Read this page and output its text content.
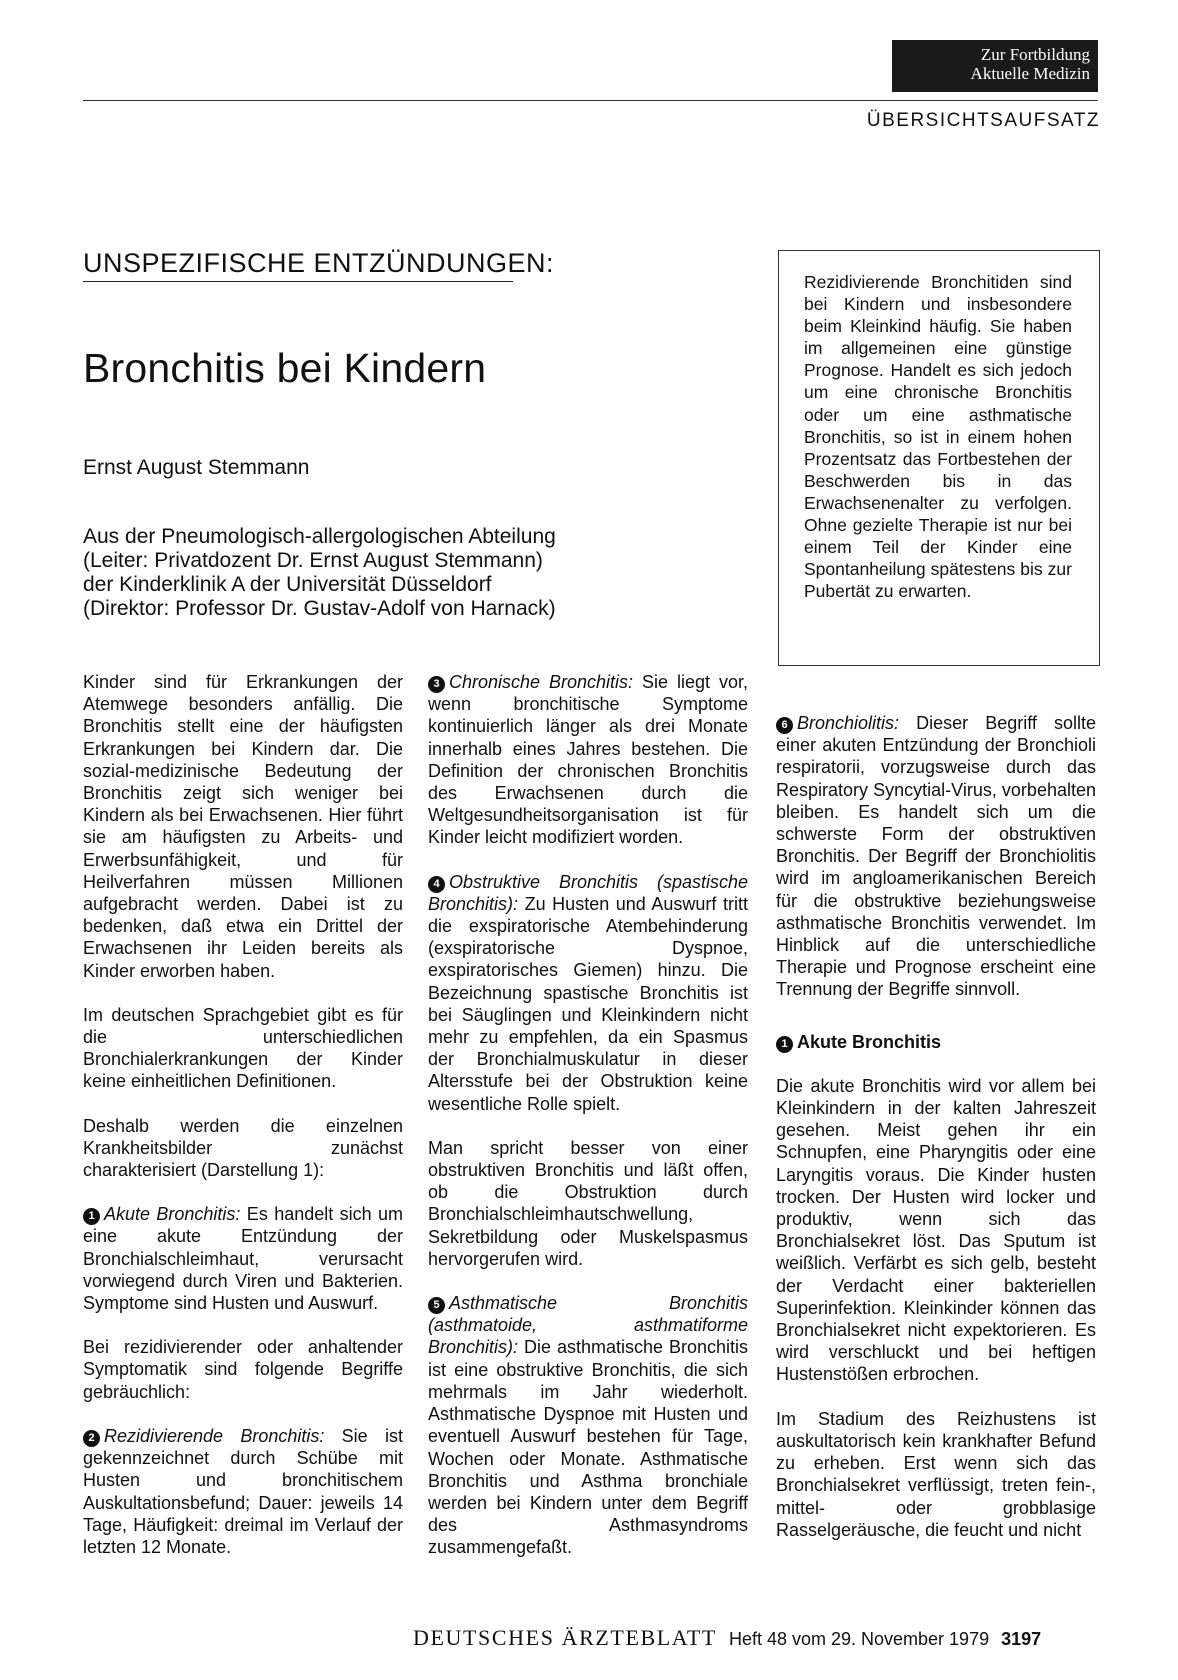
Zur Fortbildung
Aktuelle Medizin
ÜBERSICHTSAUFSATZ
UNSPEZIFISCHE ENTZÜNDUNGEN:
Bronchitis bei Kindern
Ernst August Stemmann
Aus der Pneumologisch-allergologischen Abteilung
(Leiter: Privatdozent Dr. Ernst August Stemmann)
der Kinderklinik A der Universität Düsseldorf
(Direktor: Professor Dr. Gustav-Adolf von Harnack)

Rezidivierende Bronchitiden sind bei Kindern und insbesondere beim Kleinkind häufig. Sie haben im allgemeinen eine günstige Prognose. Handelt es sich jedoch um eine chronische Bronchitis oder um eine asthmatische Bronchitis, so ist in einem hohen Prozentsatz das Fortbestehen der Beschwerden bis in das Erwachsenenalter zu verfolgen. Ohne gezielte Therapie ist nur bei einem Teil der Kinder eine Spontanheilung spätestens bis zur Pubertät zu erwarten.

Kinder sind für Erkrankungen der Atemwege besonders anfällig. Die Bronchitis stellt eine der häufigsten Erkrankungen bei Kindern dar. Die sozial-medizinische Bedeutung der Bronchitis zeigt sich weniger bei Kindern als bei Erwachsenen. Hier führt sie am häufigsten zu Arbeits- und Erwerbsunfähigkeit, und für Heilverfahren müssen Millionen aufgebracht werden. Dabei ist zu bedenken, daß etwa ein Drittel der Erwachsenen ihr Leiden bereits als Kinder erworben haben.

Im deutschen Sprachgebiet gibt es für die unterschiedlichen Bronchialerkrankungen der Kinder keine einheitlichen Definitionen.

Deshalb werden die einzelnen Krankheitsbilder zunächst charakterisiert (Darstellung 1):

1 Akute Bronchitis: Es handelt sich um eine akute Entzündung der Bronchialschleimhaut, verursacht vorwiegend durch Viren und Bakterien. Symptome sind Husten und Auswurf.

Bei rezidivierender oder anhaltender Symptomatik sind folgende Begriffe gebräuchlich:

2 Rezidivierende Bronchitis: Sie ist gekennzeichnet durch Schübe mit Husten und bronchitischem Auskultationsbefund; Dauer: jeweils 14 Tage, Häufigkeit: dreimal im Verlauf der letzten 12 Monate.

3 Chronische Bronchitis: Sie liegt vor, wenn bronchitische Symptome kontinuierlich länger als drei Monate innerhalb eines Jahres bestehen. Die Definition der chronischen Bronchitis des Erwachsenen durch die Weltgesundheitsorganisation ist für Kinder leicht modifiziert worden.

4 Obstruktive Bronchitis (spastische Bronchitis): Zu Husten und Auswurf tritt die exspiratorische Atembehinderung (exspiratorische Dyspnoe, exspiratorisches Giemen) hinzu. Die Bezeichnung spastische Bronchitis ist bei Säuglingen und Kleinkindern nicht mehr zu empfehlen, da ein Spasmus der Bronchialmuskulatur in dieser Altersstufe bei der Obstruktion keine wesentliche Rolle spielt.

Man spricht besser von einer obstruktiven Bronchitis und läßt offen, ob die Obstruktion durch Bronchialschleimhautschwellung, Sekretbildung oder Muskelspasmus hervorgerufen wird.

5 Asthmatische Bronchitis (asthmatoide, asthmatiforme Bronchitis): Die asthmatische Bronchitis ist eine obstruktive Bronchitis, die sich mehrmals im Jahr wiederholt. Asthmatische Dyspnoe mit Husten und eventuell Auswurf bestehen für Tage, Wochen oder Monate. Asthmatische Bronchitis und Asthma bronchiale werden bei Kindern unter dem Begriff des Asthmasyndroms zusammengefaßt.

6 Bronchiolitis: Dieser Begriff sollte einer akuten Entzündung der Bronchioli respiratorii, vorzugsweise durch das Respiratory Syncytial-Virus, vorbehalten bleiben. Es handelt sich um die schwerste Form der obstruktiven Bronchitis. Der Begriff der Bronchiolitis wird im angloamerikanischen Bereich für die obstruktive beziehungsweise asthmatische Bronchitis verwendet. Im Hinblick auf die unterschiedliche Therapie und Prognose erscheint eine Trennung der Begriffe sinnvoll.

1 Akute Bronchitis

Die akute Bronchitis wird vor allem bei Kleinkindern in der kalten Jahreszeit gesehen. Meist gehen ihr ein Schnupfen, eine Pharyngitis oder eine Laryngitis voraus. Die Kinder husten trocken. Der Husten wird locker und produktiv, wenn sich das Bronchialsekret löst. Das Sputum ist weißlich. Verfärbt es sich gelb, besteht der Verdacht einer bakteriellen Superinfektion. Kleinkinder können das Bronchialsekret nicht expektorieren. Es wird verschluckt und bei heftigen Hustenstößen erbrochen.

Im Stadium des Reizhustens ist auskultatorisch kein krankhafter Befund zu erheben. Erst wenn sich das Bronchialsekret verflüssigt, treten fein-, mittel- oder grobblasige Rasselgeräusche, die feucht und nicht

DEUTSCHES ÄRZTEBLATT Heft 48 vom 29. November 1979 3197
